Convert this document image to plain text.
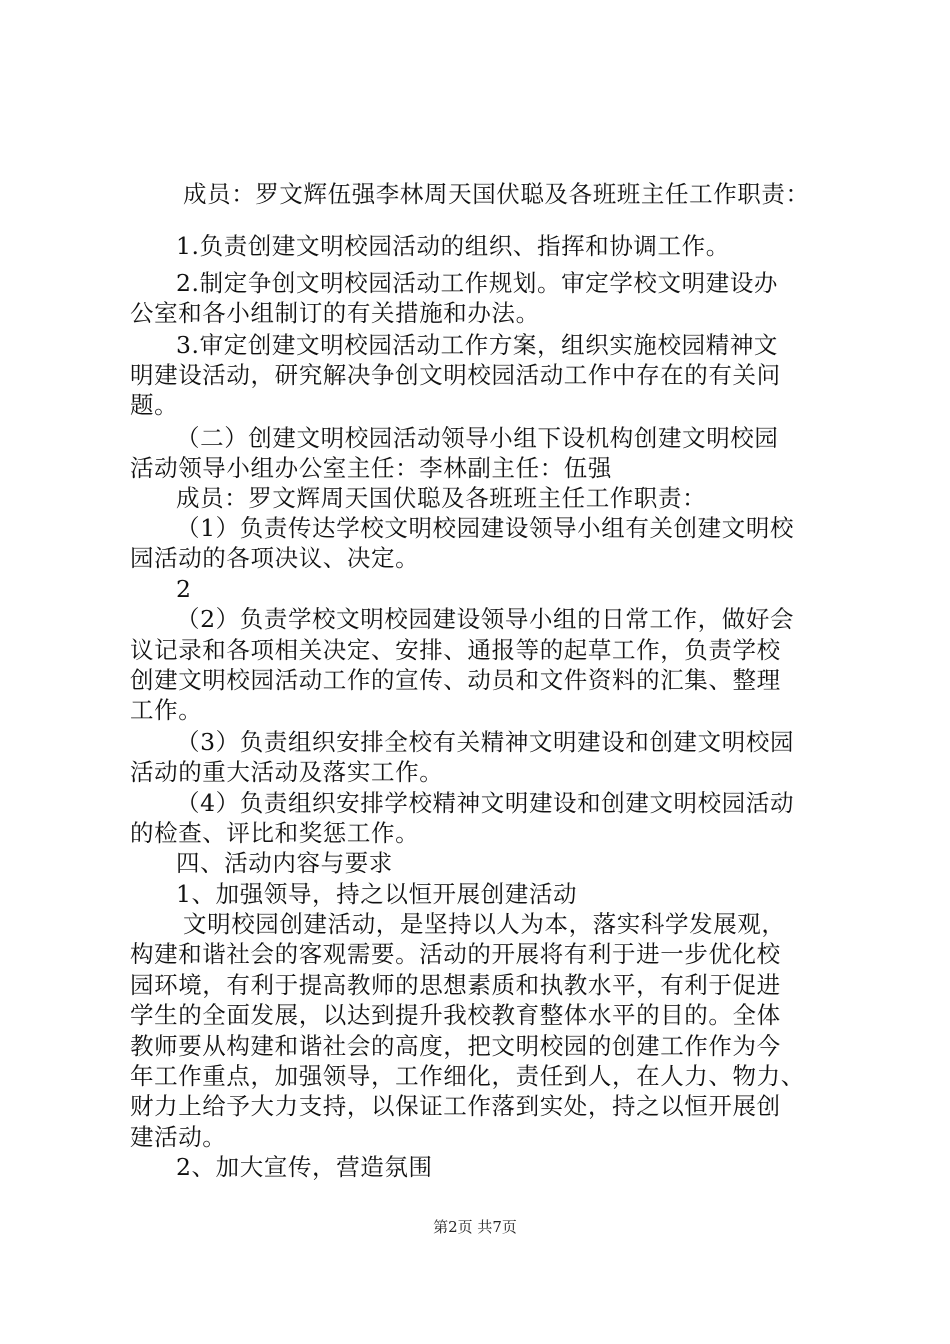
成员：罗文辉伍强李林周天国伏聪及各班班主任工作职责：
1.负责创建文明校园活动的组织、指挥和协调工作。
2.制定争创文明校园活动工作规划。审定学校文明建设办
公室和各小组制订的有关措施和办法。
3.审定创建文明校园活动工作方案，组织实施校园精神文
明建设活动，研究解决争创文明校园活动工作中存在的有关问
题。
（二）创建文明校园活动领导小组下设机构创建文明校园
活动领导小组办公室主任：李林副主任：伍强
成员：罗文辉周天国伏聪及各班班主任工作职责：
（1）负责传达学校文明校园建设领导小组有关创建文明校
园活动的各项决议、决定。
2
（2）负责学校文明校园建设领导小组的日常工作，做好会
议记录和各项相关决定、安排、通报等的起草工作，负责学校
创建文明校园活动工作的宣传、动员和文件资料的汇集、整理
工作。
（3）负责组织安排全校有关精神文明建设和创建文明校园
活动的重大活动及落实工作。
（4）负责组织安排学校精神文明建设和创建文明校园活动
的检查、评比和奖惩工作。
四、活动内容与要求
1、加强领导，持之以恒开展创建活动
文明校园创建活动，是坚持以人为本，落实科学发展观，
构建和谐社会的客观需要。活动的开展将有利于进一步优化校
园环境，有利于提高教师的思想素质和执教水平，有利于促进
学生的全面发展，以达到提升我校教育整体水平的目的。全体
教师要从构建和谐社会的高度，把文明校园的创建工作作为今
年工作重点，加强领导，工作细化，责任到人，在人力、物力、
财力上给予大力支持，以保证工作落到实处，持之以恒开展创
建活动。
2、加大宣传，营造氛围
第2页 共7页
